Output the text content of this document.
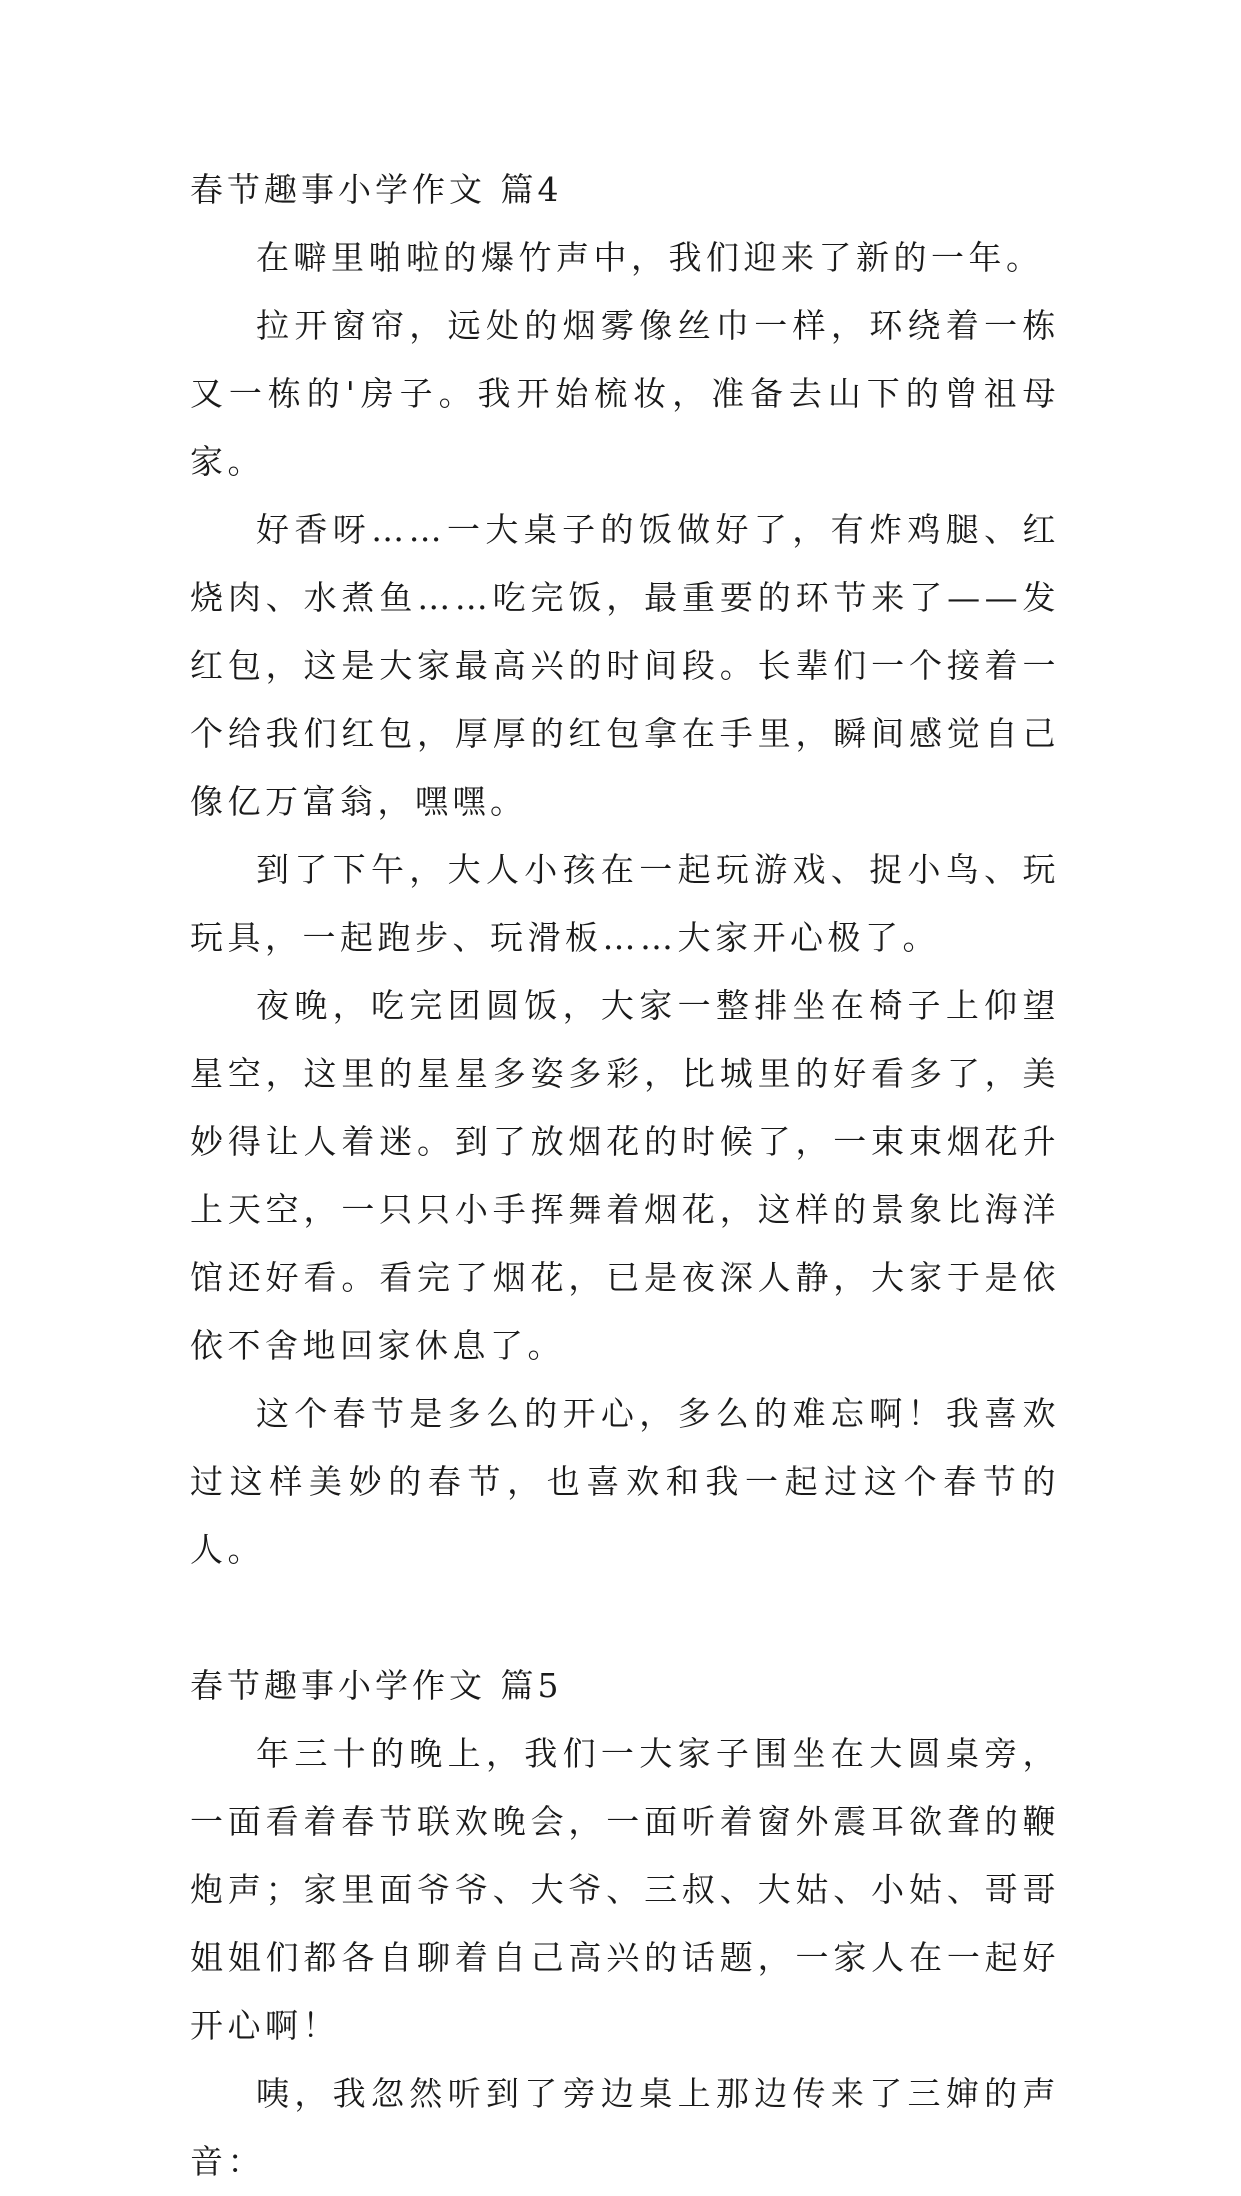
春节趣事小学作文 篇4

在噼里啪啦的爆竹声中，我们迎来了新的一年。

拉开窗帘，远处的烟雾像丝巾一样，环绕着一栋又一栋的'房子。我开始梳妆，准备去山下的曾祖母家。

好香呀……一大桌子的饭做好了，有炸鸡腿、红烧肉、水煮鱼……吃完饭，最重要的环节来了——发红包，这是大家最高兴的时间段。长辈们一个接着一个给我们红包，厚厚的红包拿在手里，瞬间感觉自己像亿万富翁，嘿嘿。

到了下午，大人小孩在一起玩游戏、捉小鸟、玩玩具，一起跑步、玩滑板……大家开心极了。

夜晚，吃完团圆饭，大家一整排坐在椅子上仰望星空，这里的星星多姿多彩，比城里的好看多了，美妙得让人着迷。到了放烟花的时候了，一束束烟花升上天空，一只只小手挥舞着烟花，这样的景象比海洋馆还好看。看完了烟花，已是夜深人静，大家于是依依不舍地回家休息了。

这个春节是多么的开心，多么的难忘啊！我喜欢过这样美妙的春节，也喜欢和我一起过这个春节的人。

春节趣事小学作文 篇5

年三十的晚上，我们一大家子围坐在大圆桌旁，一面看着春节联欢晚会，一面听着窗外震耳欲聋的鞭炮声；家里面爷爷、大爷、三叔、大姑、小姑、哥哥姐姐们都各自聊着自己高兴的话题，一家人在一起好开心啊！

咦，我忽然听到了旁边桌上那边传来了三婶的声音：
